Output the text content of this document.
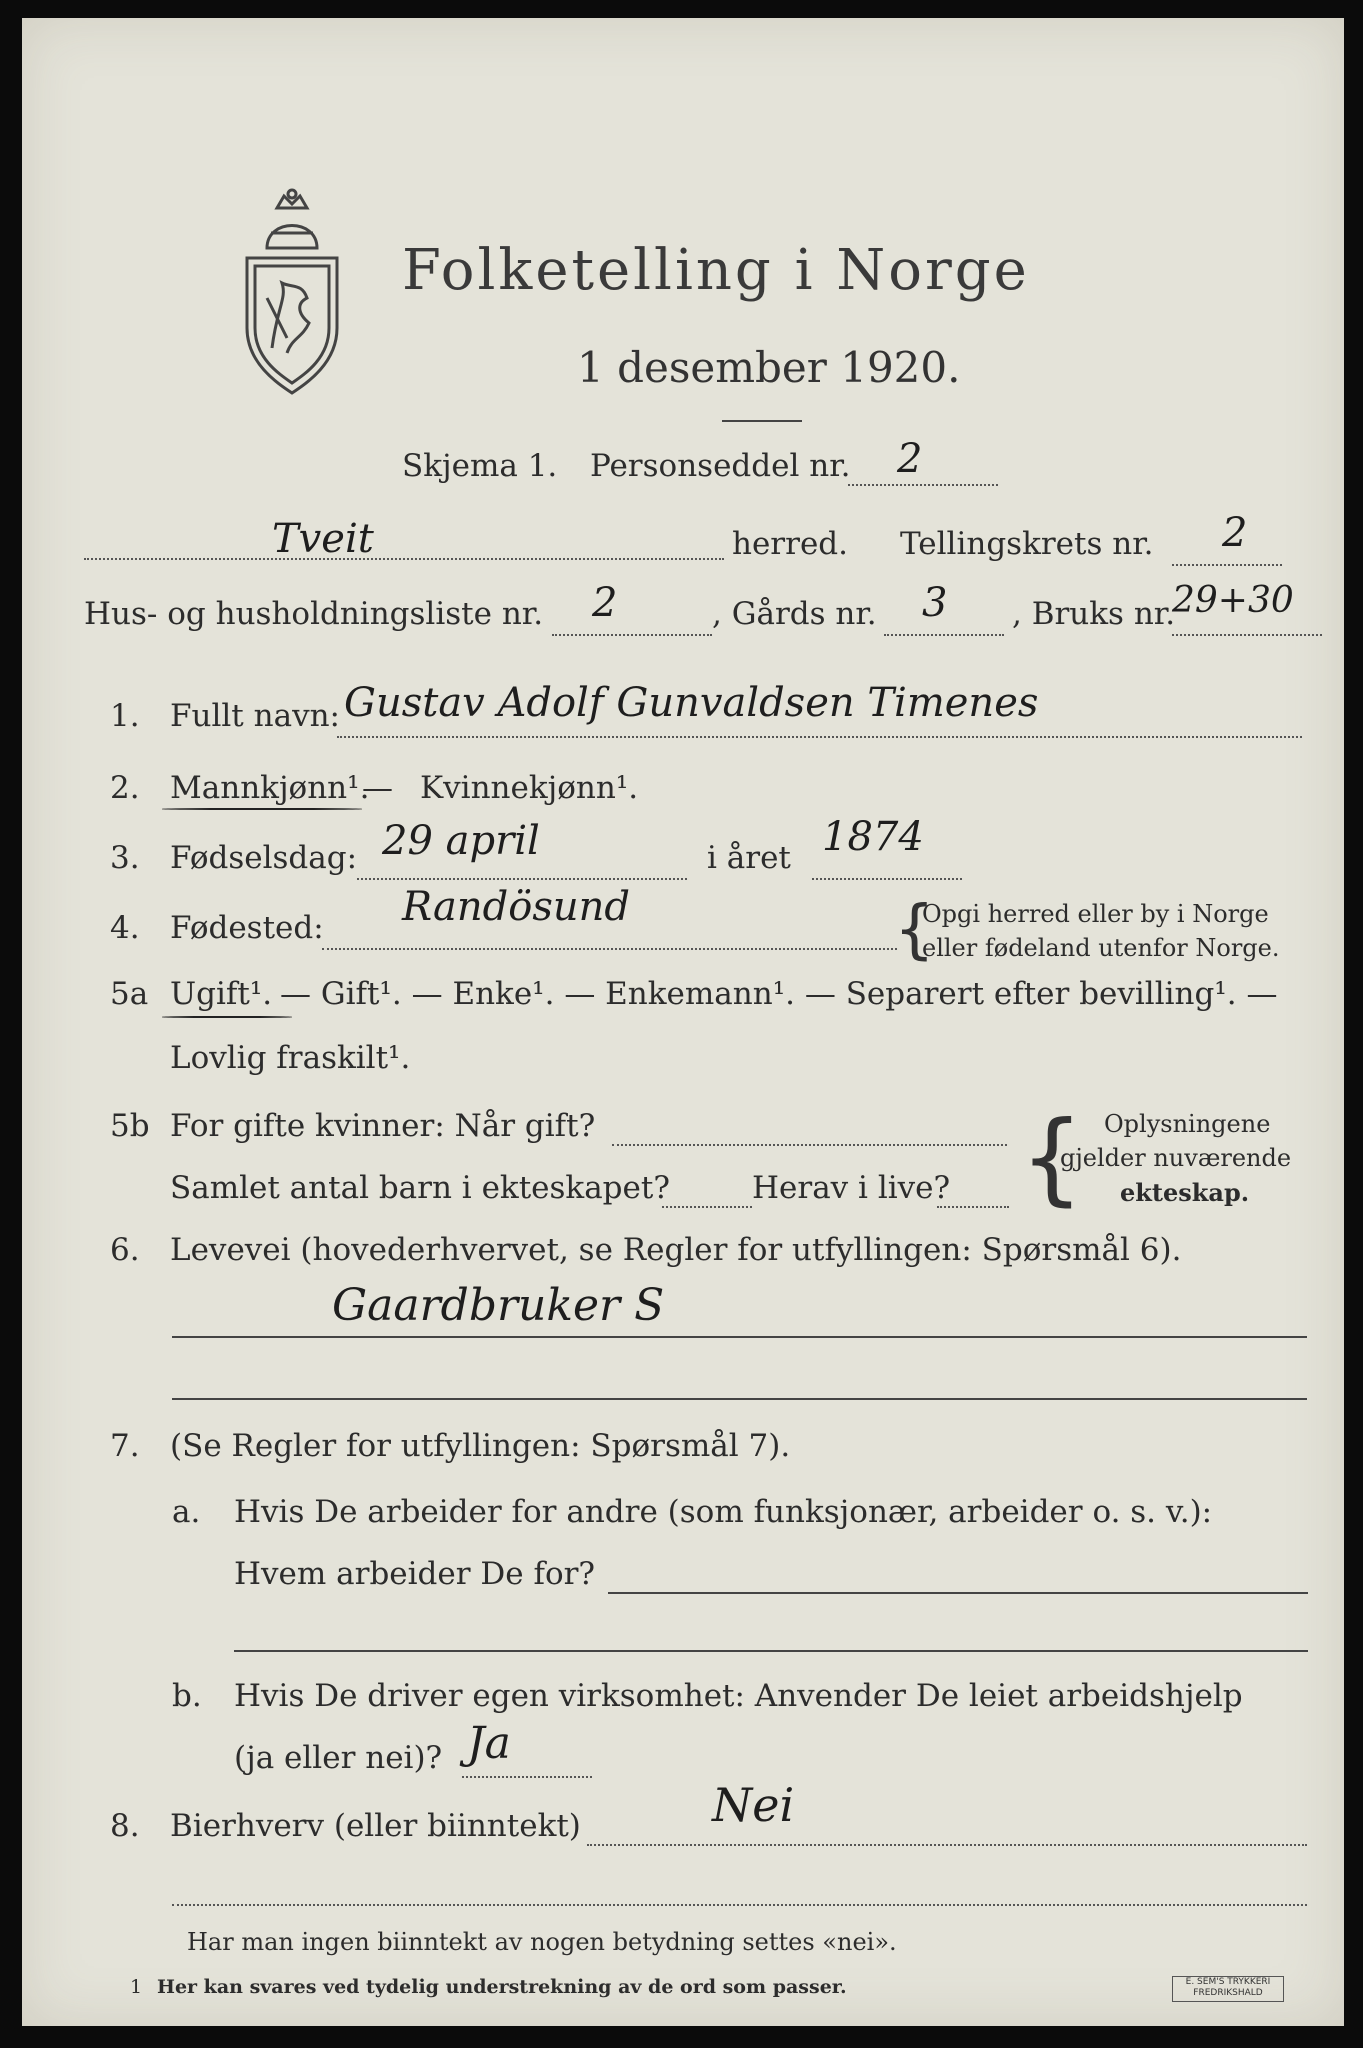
Folketelling i Norge
1 desember 1920.
Skjema 1. Personseddel nr. 2
Tveit	herred. Tellingskrets nr. 2
Hus- og husholdningsliste nr. 2	, Gårds nr. 3 , Bruks nr.
29+30
1. Fullt navn: Gustav Adolf Gunvaldsen Timenes
2. Mannkjønn¹.
— Kvinnekjønn¹.
3. Fødselsdag: 29 april	i året 1874
4. Fødested: Randösund	{
Opgi herred eller by i Norge
eller fødeland utenfor Norge.
5a Ugift¹. — Gift¹. — Enke¹. — Enkemann¹. — Separert efter bevilling¹. —
Lovlig fraskilt¹.
5b For gifte kvinner: Når gift?
Samlet antal barn i ekteskapet?	Herav i live? { Oplysningene
gjelder nuværende
ekteskap.
6. Levevei (hovederhvervet, se Regler for utfyllingen: Spørsmål 6).
Gaardbruker S
7. (Se Regler for utfyllingen: Spørsmål 7).
a. Hvis De arbeider for andre (som funksjonær, arbeider o. s. v.):
Hvem arbeider De for?
b. Hvis De driver egen virksomhet: Anvender De leiet arbeidshjelp
(ja eller nei)? Ja
8. Bierhverv (eller biinntekt)	Nei
Har man ingen biinntekt av nogen betydning settes «nei».
1 Her kan svares ved tydelig understrekning av de ord som passer.	E. SEM'S TRYKKERI
FREDRIKSHALD
